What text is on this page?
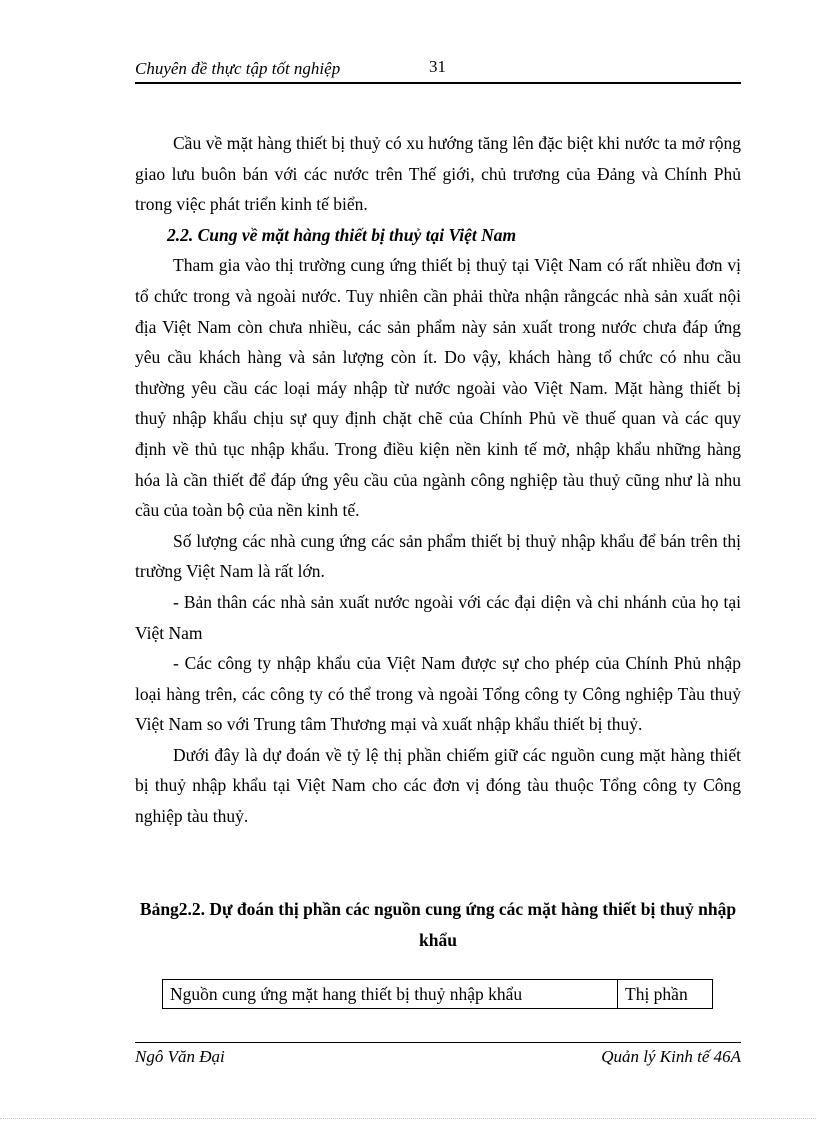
Chuyên đề thực tập tốt nghiệp	31

Cầu về mặt hàng thiết bị thuỷ có xu hướng tăng lên đặc biệt khi nước ta mở rộng giao lưu buôn bán với các nước trên Thế giới, chủ trương của Đảng và Chính Phủ trong việc phát triển kinh tế biển.

2.2. Cung về mặt hàng thiết bị thuỷ tại Việt Nam

Tham gia vào thị trường cung ứng thiết bị thuỷ tại Việt Nam có rất nhiều đơn vị tổ chức trong và ngoài nước. Tuy nhiên cần phải thừa nhận rằngcác nhà sản xuất nội địa Việt Nam còn chưa nhiều, các sản phẩm này sản xuất trong nước chưa đáp ứng yêu cầu khách hàng và sản lượng còn ít. Do vậy, khách hàng tổ chức có nhu cầu thường yêu cầu các loại máy nhập từ nước ngoài vào Việt Nam. Mặt hàng thiết bị thuỷ nhập khẩu chịu sự quy định chặt chẽ của Chính Phủ về thuế quan và các quy định về thủ tục nhập khẩu. Trong điều kiện nền kinh tế mở, nhập khẩu những hàng hóa là cần thiết để đáp ứng yêu cầu của ngành công nghiệp tàu thuỷ cũng như là nhu cầu của toàn bộ của nền kinh tế.

Số lượng các nhà cung ứng các sản phẩm thiết bị thuỷ nhập khẩu để bán trên thị trường Việt Nam là rất lớn.

- Bản thân các nhà sản xuất nước ngoài với các đại diện và chi nhánh của họ tại Việt Nam

- Các công ty nhập khẩu của Việt Nam được sự cho phép của Chính Phủ nhập loại hàng trên, các công ty có thể trong và ngoài Tổng công ty Công nghiệp Tàu thuỷ Việt Nam so với Trung tâm Thương mại và xuất nhập khẩu thiết bị thuỷ.

Dưới đây là dự đoán về tỷ lệ thị phần chiếm giữ các nguồn cung mặt hàng thiết bị thuỷ nhập khẩu tại Việt Nam cho các đơn vị đóng tàu thuộc Tổng công ty Công nghiệp tàu thuỷ.

Bảng2.2. Dự đoán thị phần các nguồn cung ứng các mặt hàng thiết bị thuỷ nhập khẩu
Nguồn cung ứng mặt hang thiết bị thuỷ nhập khẩu	Thị phần
Ngô Văn Đại	Quản lý Kinh tế 46A
